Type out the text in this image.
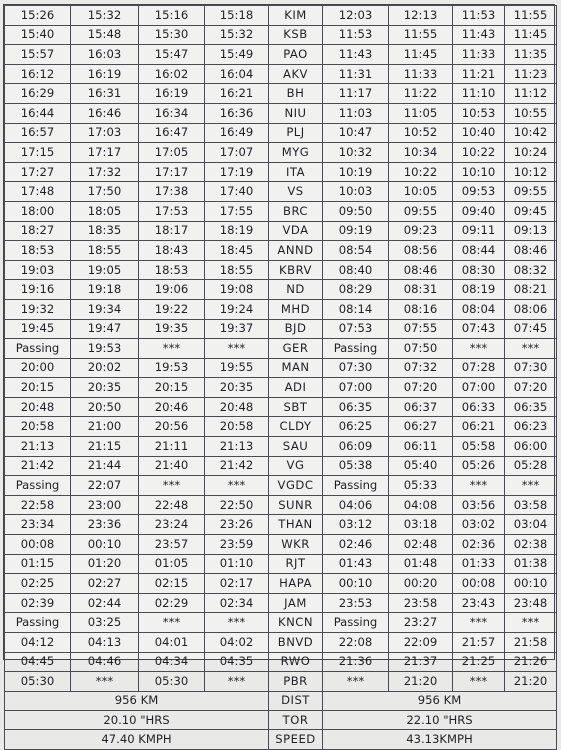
15:26	15:32	15:16	15:18	KIM	12:03	12:13	11:53	11:55
15:40	15:48	15:30	15:32	KSB	11:53	11:55	11:43	11:45
15:57	16:03	15:47	15:49	PAO	11:43	11:45	11:33	11:35
16:12	16:19	16:02	16:04	AKV	11:31	11:33	11:21	11:23
16:29	16:31	16:19	16:21	BH	11:17	11:22	11:10	11:12
16:44	16:46	16:34	16:36	NIU	11:03	11:05	10:53	10:55
16:57	17:03	16:47	16:49	PLJ	10:47	10:52	10:40	10:42
17:15	17:17	17:05	17:07	MYG	10:32	10:34	10:22	10:24
17:27	17:32	17:17	17:19	ITA	10:19	10:22	10:10	10:12
17:48	17:50	17:38	17:40	VS	10:03	10:05	09:53	09:55
18:00	18:05	17:53	17:55	BRC	09:50	09:55	09:40	09:45
18:27	18:35	18:17	18:19	VDA	09:19	09:23	09:11	09:13
18:53	18:55	18:43	18:45	ANND	08:54	08:56	08:44	08:46
19:03	19:05	18:53	18:55	KBRV	08:40	08:46	08:30	08:32
19:16	19:18	19:06	19:08	ND	08:29	08:31	08:19	08:21
19:32	19:34	19:22	19:24	MHD	08:14	08:16	08:04	08:06
19:45	19:47	19:35	19:37	BJD	07:53	07:55	07:43	07:45
Passing	19:53	***	***	GER	Passing	07:50	***	***
20:00	20:02	19:53	19:55	MAN	07:30	07:32	07:28	07:30
20:15	20:35	20:15	20:35	ADI	07:00	07:20	07:00	07:20
20:48	20:50	20:46	20:48	SBT	06:35	06:37	06:33	06:35
20:58	21:00	20:56	20:58	CLDY	06:25	06:27	06:21	06:23
21:13	21:15	21:11	21:13	SAU	06:09	06:11	05:58	06:00
21:42	21:44	21:40	21:42	VG	05:38	05:40	05:26	05:28
Passing	22:07	***	***	VGDC	Passing	05:33	***	***
22:58	23:00	22:48	22:50	SUNR	04:06	04:08	03:56	03:58
23:34	23:36	23:24	23:26	THAN	03:12	03:18	03:02	03:04
00:08	00:10	23:57	23:59	WKR	02:46	02:48	02:36	02:38
01:15	01:20	01:05	01:10	RJT	01:43	01:48	01:33	01:38
02:25	02:27	02:15	02:17	HAPA	00:10	00:20	00:08	00:10
02:39	02:44	02:29	02:34	JAM	23:53	23:58	23:43	23:48
Passing	03:25	***	***	KNCN	Passing	23:27	***	***
04:12	04:13	04:01	04:02	BNVD	22:08	22:09	21:57	21:58
04:45	04:46	04:34	04:35	RWO	21:36	21:37	21:25	21:26
05:30	***	05:30	***	PBR	***	21:20	***	21:20
956 KM				DIST	956 KM			
20.10 "HRS				TOR	22.10 "HRS			
47.40 KMPH				SPEED	43.13KMPH			
